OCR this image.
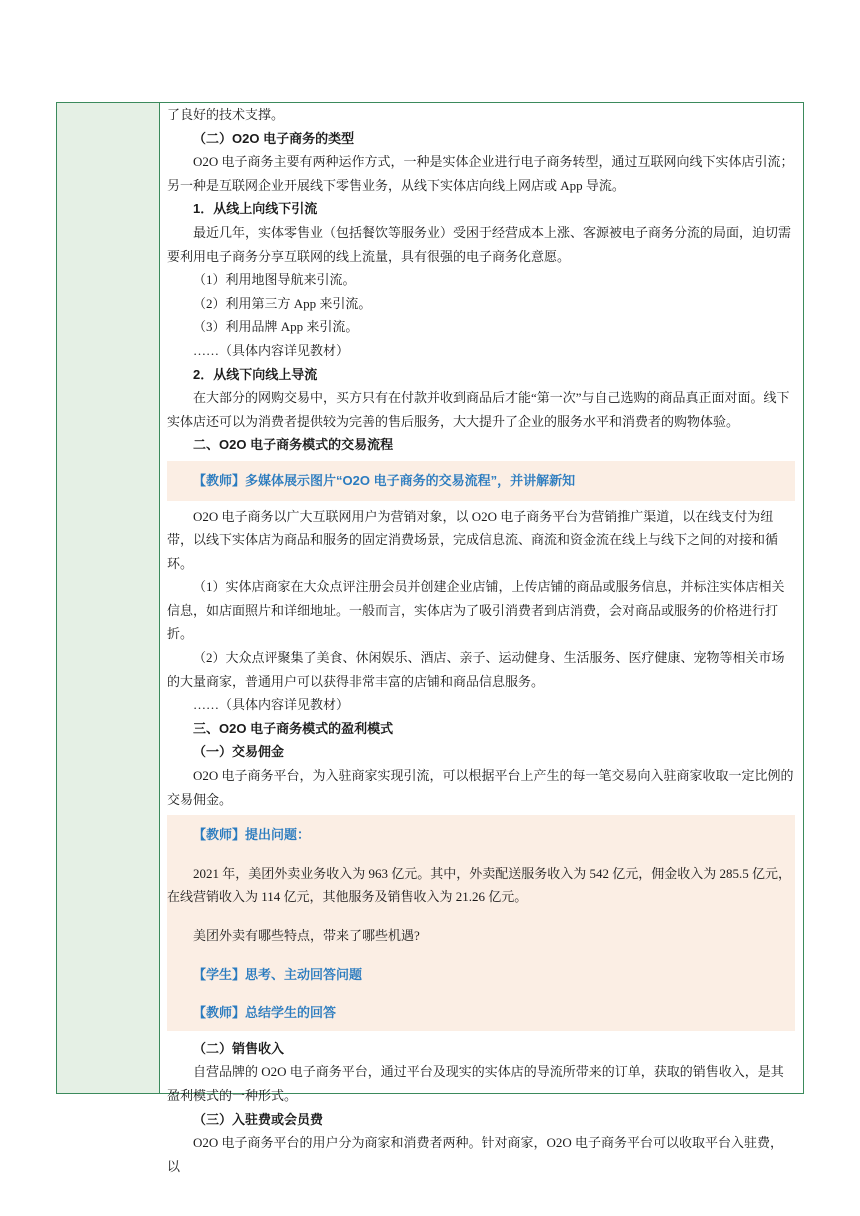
了良好的技术支撑。

（二）O2O 电子商务的类型

O2O 电子商务主要有两种运作方式，一种是实体企业进行电子商务转型，通过互联网向线下实体店引流；另一种是互联网企业开展线下零售业务，从线下实体店向线上网店或 App 导流。

1．从线上向线下引流

最近几年，实体零售业（包括餐饮等服务业）受困于经营成本上涨、客源被电子商务分流的局面，迫切需要利用电子商务分享互联网的线上流量，具有很强的电子商务化意愿。

（1）利用地图导航来引流。

（2）利用第三方 App 来引流。

（3）利用品牌 App 来引流。

……（具体内容详见教材）

2．从线下向线上导流

在大部分的网购交易中，买方只有在付款并收到商品后才能“第一次”与自己选购的商品真正面对面。线下实体店还可以为消费者提供较为完善的售后服务，大大提升了企业的服务水平和消费者的购物体验。

二、O2O 电子商务模式的交易流程

【教师】多媒体展示图片“O2O 电子商务的交易流程”，并讲解新知

O2O 电子商务以广大互联网用户为营销对象，以 O2O 电子商务平台为营销推广渠道，以在线支付为纽带，以线下实体店为商品和服务的固定消费场景，完成信息流、商流和资金流在线上与线下之间的对接和循环。

（1）实体店商家在大众点评注册会员并创建企业店铺，上传店铺的商品或服务信息，并标注实体店相关信息，如店面照片和详细地址。一般而言，实体店为了吸引消费者到店消费，会对商品或服务的价格进行打折。

（2）大众点评聚集了美食、休闲娱乐、酒店、亲子、运动健身、生活服务、医疗健康、宠物等相关市场的大量商家，普通用户可以获得非常丰富的店铺和商品信息服务。

……（具体内容详见教材）

三、O2O 电子商务模式的盈利模式

（一）交易佣金

O2O 电子商务平台，为入驻商家实现引流，可以根据平台上产生的每一笔交易向入驻商家收取一定比例的交易佣金。

【教师】提出问题：

2021 年，美团外卖业务收入为 963 亿元。其中，外卖配送服务收入为 542 亿元，佣金收入为 285.5 亿元，在线营销收入为 114 亿元，其他服务及销售收入为 21.26 亿元。

美团外卖有哪些特点，带来了哪些机遇?

【学生】思考、主动回答问题

【教师】总结学生的回答

（二）销售收入

自营品牌的 O2O 电子商务平台，通过平台及现实的实体店的导流所带来的订单，获取的销售收入，是其盈利模式的一种形式。

（三）入驻费或会员费

O2O 电子商务平台的用户分为商家和消费者两种。针对商家，O2O 电子商务平台可以收取平台入驻费，以
